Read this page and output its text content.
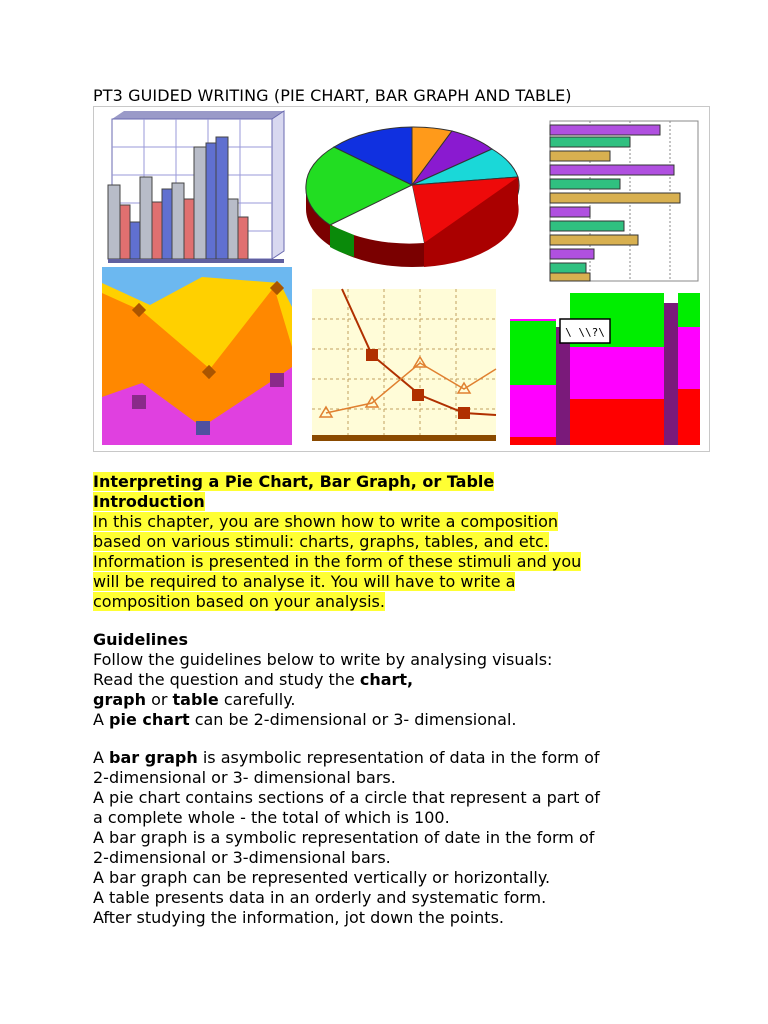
PT3 GUIDED WRITING (PIE CHART, BAR GRAPH AND TABLE)
\ \\?\

Interpreting a Pie Chart, Bar Graph, or Table

Introduction

In this chapter, you are shown how to write a composition

based on various stimuli: charts, graphs, tables, and etc.

Information is presented in the form of these stimuli and you

will be required to analyse it. You will have to write a

composition based on your analysis.

Guidelines

Follow the guidelines below to write by analysing visuals:

Read the question and study the chart,

graph or table carefully.

A pie chart can be 2-dimensional or 3- dimensional.

A bar graph is asymbolic representation of data in the form of

2-dimensional or 3- dimensional bars.

A pie chart contains sections of a circle that represent a part of

a complete whole - the total of which is 100.

A bar graph is a symbolic representation of date in the form of

2-dimensional or 3-dimensional bars.

A bar graph can be represented vertically or horizontally.

A table presents data in an orderly and systematic form.

After studying the information, jot down the points.
